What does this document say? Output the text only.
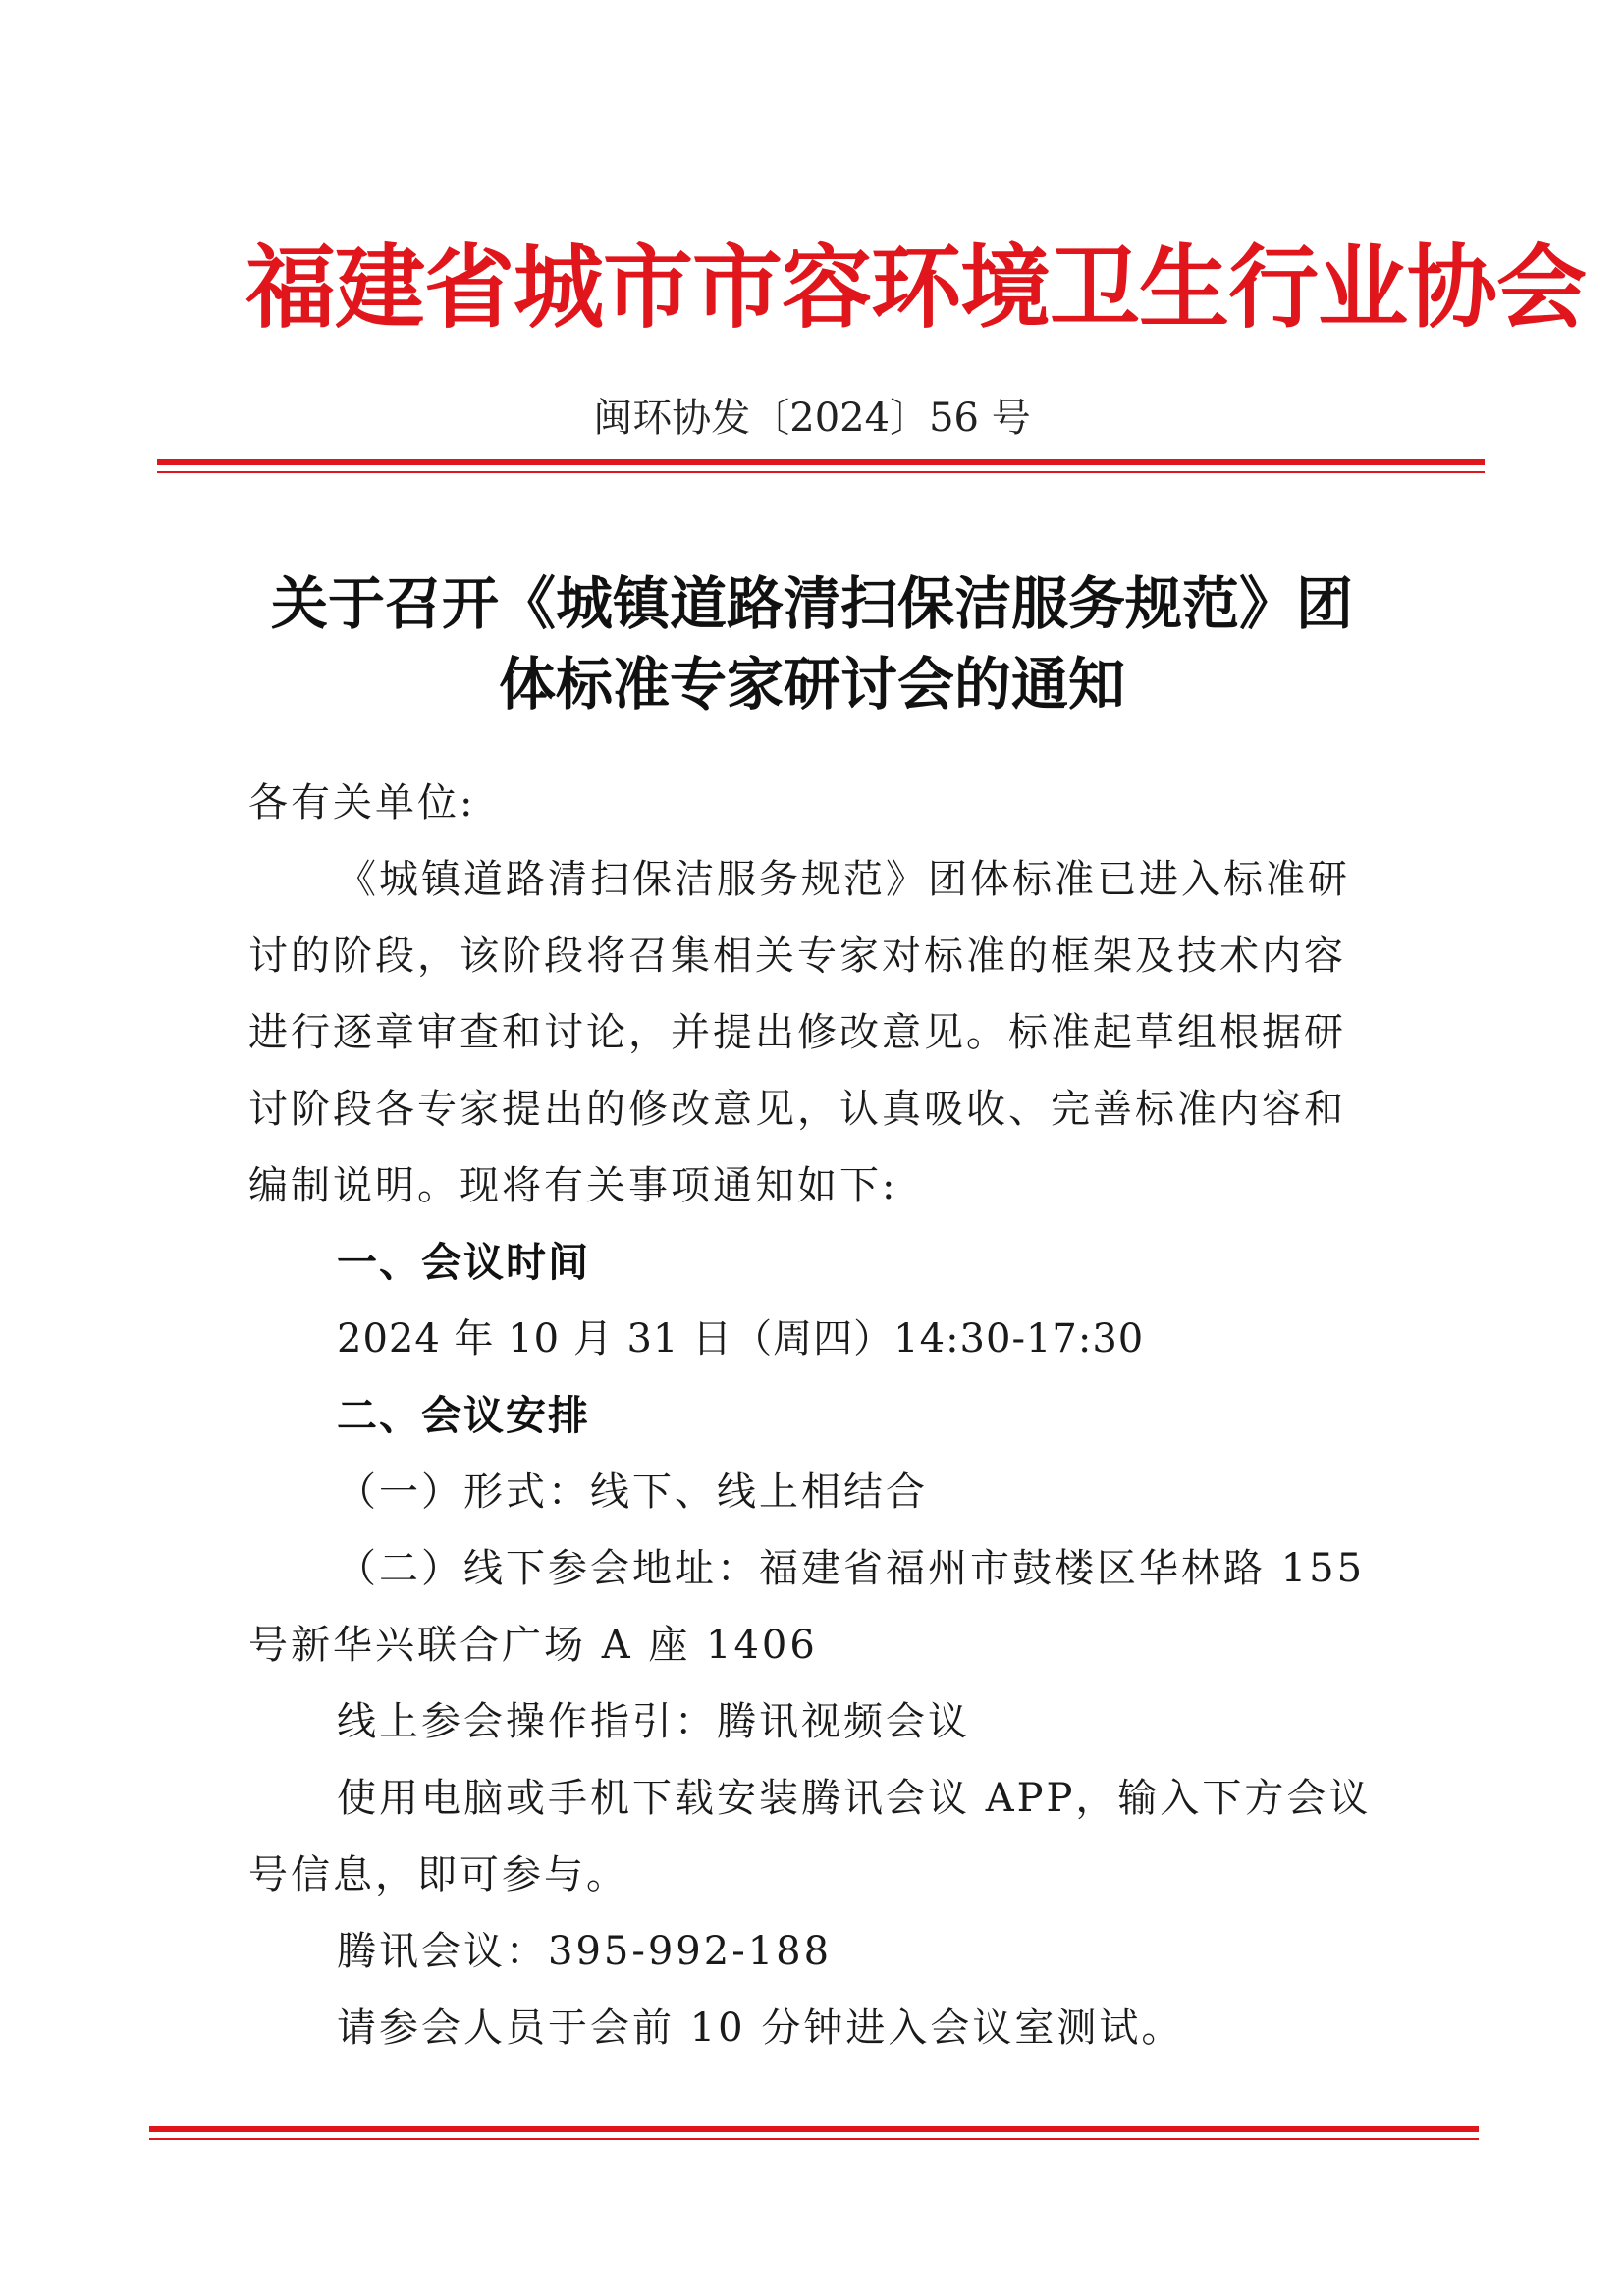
福建省城市市容环境卫生行业协会
闽环协发〔2024〕56 号
关于召开《城镇道路清扫保洁服务规范》团
体标准专家研讨会的通知
各有关单位:
《城镇道路清扫保洁服务规范》团体标准已进入标准研
讨的阶段，该阶段将召集相关专家对标准的框架及技术内容
进行逐章审查和讨论，并提出修改意见。标准起草组根据研
讨阶段各专家提出的修改意见，认真吸收、完善标准内容和
编制说明。现将有关事项通知如下:
一、会议时间
2024 年 10 月 31 日（周四）14:30-17:30
二、会议安排
（一）形式：线下、线上相结合
（二）线下参会地址：福建省福州市鼓楼区华林路 155
号新华兴联合广场 A 座 1406
线上参会操作指引：腾讯视频会议
使用电脑或手机下载安装腾讯会议 APP，输入下方会议
号信息，即可参与。
腾讯会议：395-992-188
请参会人员于会前 10 分钟进入会议室测试。
